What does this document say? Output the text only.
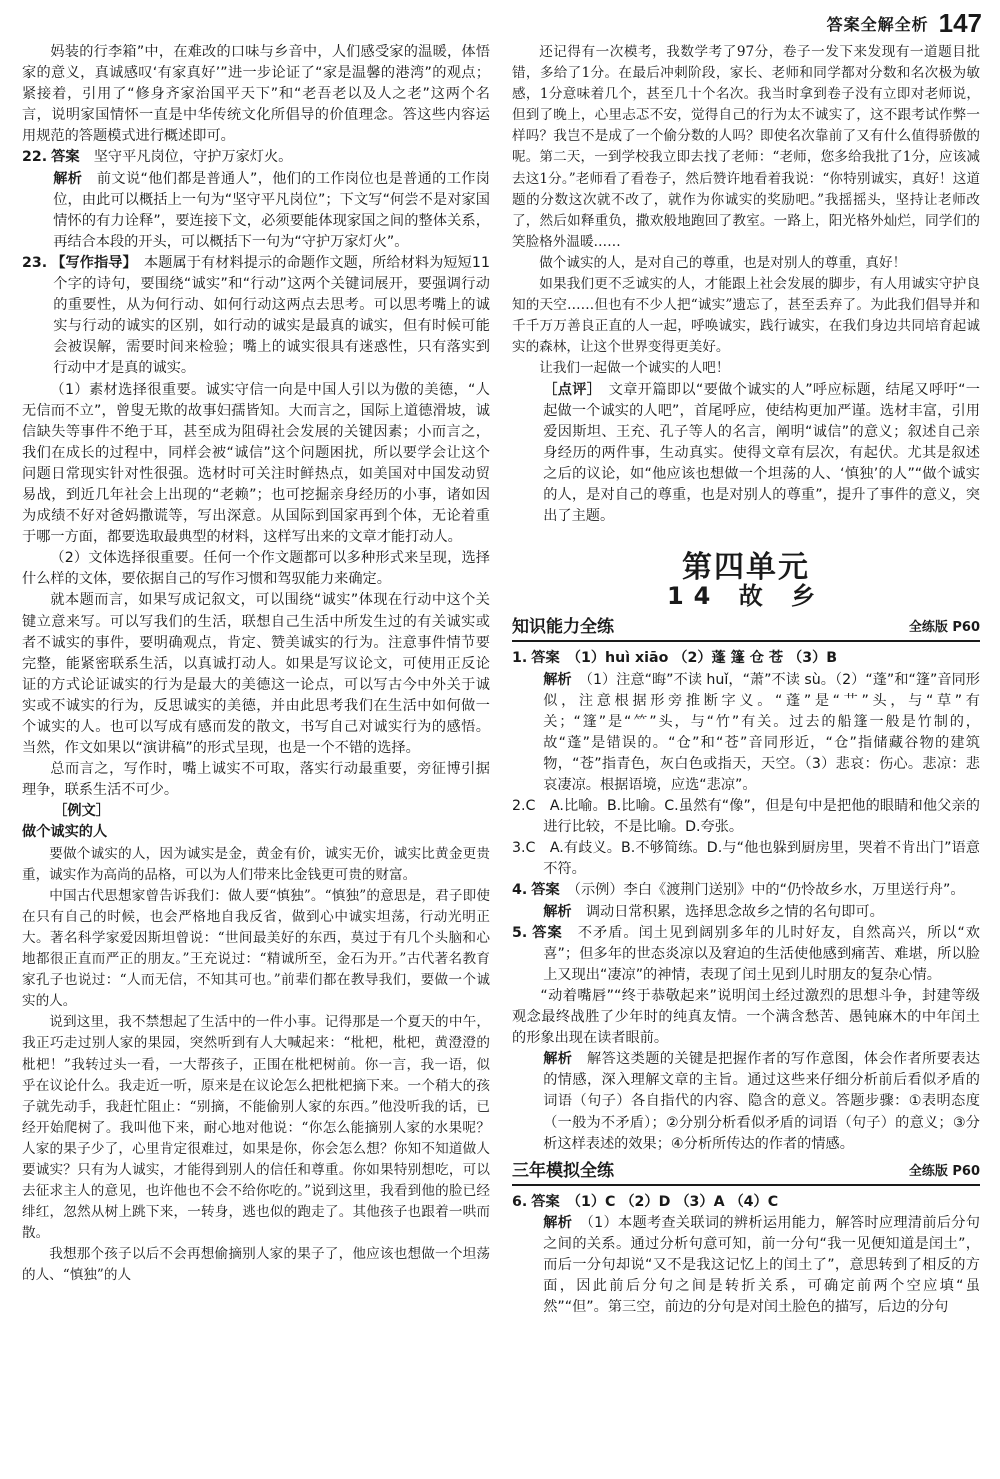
答案全解全析 147

妈装的行李箱”中，在难改的口味与乡音中，人们感受家的温暖，体悟家的意义，真诚感叹‘有家真好’”进一步论证了“家是温馨的港湾”的观点；紧接着，引用了“修身齐家治国平天下”和“老吾老以及人之老”这两个名言，说明家国情怀一直是中华传统文化所倡导的价值理念。答这些内容运用规范的答题模式进行概述即可。

22. 答案　 坚守平凡岗位，守护万家灯火。

解析　 前文说“他们都是普通人”，他们的工作岗位也是普通的工作岗位，由此可以概括上一句为“坚守平凡岗位”；下文写“何尝不是对家国情怀的有力诠释”，要连接下文，必须要能体现家国之间的整体关系，再结合本段的开头，可以概括下一句为“守护万家灯火”。

23. 【写作指导】　 本题属于有材料提示的命题作文题，所给材料为短短11个字的诗句，要围绕“诚实”和“行动”这两个关键词展开，要强调行动的重要性，从为何行动、如何行动这两点去思考。可以思考嘴上的诚实与行动的诚实的区别，如行动的诚实是最真的诚实，但有时候可能会被误解，需要时间来检验；嘴上的诚实很具有迷惑性，只有落实到行动中才是真的诚实。

（1）素材选择很重要。诚实守信一向是中国人引以为傲的美德，“人无信而不立”，曾叟无欺的故事妇孺皆知。大而言之，国际上道德滑坡，诚信缺失等事件不绝于耳，甚至成为阻碍社会发展的关键因素；小而言之，我们在成长的过程中，同样会被“诚信”这个问题困扰，所以要学会让这个问题日常现实针对性很强。选材时可关注时鲜热点，如美国对中国发动贸易战，到近几年社会上出现的“老赖”；也可挖掘亲身经历的小事，诸如因为成绩不好对爸妈撒谎等，写出深意。从国际到国家再到个体，无论着重于哪一方面，都要选取最典型的材料，这样写出来的文章才能打动人。

（2）文体选择很重要。任何一个作文题都可以多种形式来呈现，选择什么样的文体，要依据自己的写作习惯和驾驭能力来确定。

就本题而言，如果写成记叙文，可以围绕“诚实”体现在行动中这个关键立意来写。可以写我们的生活，联想自己生活中所发生过的有关诚实或者不诚实的事件，要明确观点，肯定、赞美诚实的行为。注意事件情节要完整，能紧密联系生活，以真诚打动人。如果是写议论文，可使用正反论证的方式论证诚实的行为是最大的美德这一论点，可以写古今中外关于诚实或不诚实的行为，反思诚实的美德，并由此思考我们在生活中如何做一个诚实的人。也可以写成有感而发的散文，书写自己对诚实行为的感悟。当然，作文如果以“演讲稿”的形式呈现，也是一个不错的选择。

总而言之，写作时，嘴上诚实不可取，落实行动最重要，旁征博引据理争，联系生活不可少。

［例文］

做个诚实的人

要做个诚实的人，因为诚实是金，黄金有价，诚实无价，诚实比黄金更贵重，诚实作为高尚的品格，可以为人们带来比金钱更可贵的财富。

中国古代思想家曾告诉我们：做人要“慎独”。“慎独”的意思是，君子即使在只有自己的时候，也会严格地自我反省，做到心中诚实坦荡，行动光明正大。著名科学家爱因斯坦曾说：“世间最美好的东西，莫过于有几个头脑和心地都很正直而严正的朋友。”王充说过：“精诚所至，金石为开。”古代著名教育家孔子也说过：“人而无信，不知其可也。”前辈们都在教导我们，要做一个诚实的人。

说到这里，我不禁想起了生活中的一件小事。记得那是一个夏天的中午，我正巧走过别人家的果园，突然听到有人大喊起来：“枇杷，枇杷，黄澄澄的枇杷！”我转过头一看，一大帮孩子，正围在枇杷树前。你一言，我一语，似乎在议论什么。我走近一听，原来是在议论怎么把枇杷摘下来。一个稍大的孩子就先动手，我赶忙阻止：“别摘，不能偷别人家的东西。”他没听我的话，已经开始爬树了。我叫他下来，耐心地对他说：“你怎么能摘别人家的水果呢？人家的果子少了，心里肯定很难过，如果是你，你会怎么想？你知不知道做人要诚实？只有为人诚实，才能得到别人的信任和尊重。你如果特别想吃，可以去征求主人的意见，也许他也不会不给你吃的。”说到这里，我看到他的脸已经绯红，忽然从树上跳下来，一转身，逃也似的跑走了。其他孩子也跟着一哄而散。

我想那个孩子以后不会再想偷摘别人家的果子了，他应该也想做一个坦荡的人、“慎独”的人

还记得有一次模考，我数学考了97分，卷子一发下来发现有一道题目批错，多给了1分。在最后冲刺阶段，家长、老师和同学都对分数和名次极为敏感，1分意味着几个，甚至几十个名次。我当时拿到卷子没有立即对老师说，但到了晚上，心里忐忑不安，觉得自己的行为太不诚实了，这不跟考试作弊一样吗？我岂不是成了一个偷分数的人吗？即使名次靠前了又有什么值得骄傲的呢。第二天，一到学校我立即去找了老师：“老师，您多给我批了1分，应该减去这1分。”老师看了看卷子，然后赞许地看着我说：“你特别诚实，真好！这道题的分数这次就不改了，就作为你诚实的奖励吧。”我摇摇头，坚持让老师改了，然后如释重负，撒欢般地跑回了教室。一路上，阳光格外灿烂，同学们的笑脸格外温暖……

做个诚实的人，是对自己的尊重，也是对别人的尊重，真好！

如果我们更不乏诚实的人，才能跟上社会发展的脚步，有人用诚实守护良知的天空……但也有不少人把“诚实”遗忘了，甚至丢弃了。为此我们倡导并和千千万万善良正直的人一起，呼唤诚实，践行诚实，在我们身边共同培育起诚实的森林，让这个世界变得更美好。

让我们一起做一个诚实的人吧！

［点评］　 文章开篇即以“要做个诚实的人”呼应标题，结尾又呼吁“一起做一个诚实的人吧”，首尾呼应，使结构更加严谨。选材丰富，引用爱因斯坦、王充、孔子等人的名言，阐明“诚信”的意义；叙述自己亲身经历的两件事，生动真实。使得文章有层次，有起伏。尤其是叙述之后的议论，如“他应该也想做一个坦荡的人、‘慎独’的人”“做个诚实的人，是对自己的尊重，也是对别人的尊重”，提升了事件的意义，突出了主题。

第四单元
14 故 乡
知识能力全练	全练版 P60

1. 答案　 （1）huì xiāo （2）蓬 篷 仓 苍 （3）B

解析　 （1）注意“晦”不读 huǐ，“萧”不读 sù。（2）“蓬”和“篷”音同形似，注意根据形旁推断字义。“蓬”是“艹”头，与“草”有关；“篷”是“⺮”头，与“竹”有关。过去的船篷一般是竹制的，故“蓬”是错误的。“仓”和“苍”音同形近，“仓”指储藏谷物的建筑物，“苍”指青色，灰白色或指天，天空。（3）悲哀：伤心。悲凉：悲哀凄凉。根据语境，应选“悲凉”。

2.C　A.比喻。B.比喻。C.虽然有“像”，但是句中是把他的眼睛和他父亲的进行比较，不是比喻。D.夸张。

3.C　A.有歧义。B.不够简练。D.与“他也躲到厨房里，哭着不肯出门”语意不符。

4. 答案　 （示例）李白《渡荆门送别》中的“仍怜故乡水，万里送行舟”。

解析　 调动日常积累，选择思念故乡之情的名句即可。

5. 答案　 不矛盾。闰土见到阔别多年的儿时好友，自然高兴，所以“欢喜”；但多年的世态炎凉以及窘迫的生活使他感到痛苦、难堪，所以脸上又现出“凄凉”的神情，表现了闰土见到儿时朋友的复杂心情。

“动着嘴唇”“终于恭敬起来”说明闰土经过激烈的思想斗争，封建等级观念最终战胜了少年时的纯真友情。一个满含愁苦、愚钝麻木的中年闰土的形象出现在读者眼前。

解析　 解答这类题的关键是把握作者的写作意图，体会作者所要表达的情感，深入理解文章的主旨。通过这些来仔细分析前后看似矛盾的词语（句子）各自指代的内容、隐含的意义。答题步骤：①表明态度（一般为不矛盾）；②分别分析看似矛盾的词语（句子）的意义；③分析这样表述的效果；④分析所传达的作者的情感。

三年模拟全练	全练版 P60

6. 答案　 （1）C （2）D （3）A （4）C

解析　 （1）本题考查关联词的辨析运用能力，解答时应理清前后分句之间的关系。通过分析句意可知，前一分句“我一见便知道是闰土”，而后一分句却说“又不是我这记忆上的闰土了”，意思转到了相反的方面，因此前后分句之间是转折关系，可确定前两个空应填“虽然”“但”。第三空，前边的分句是对闰土脸色的描写，后边的分句
